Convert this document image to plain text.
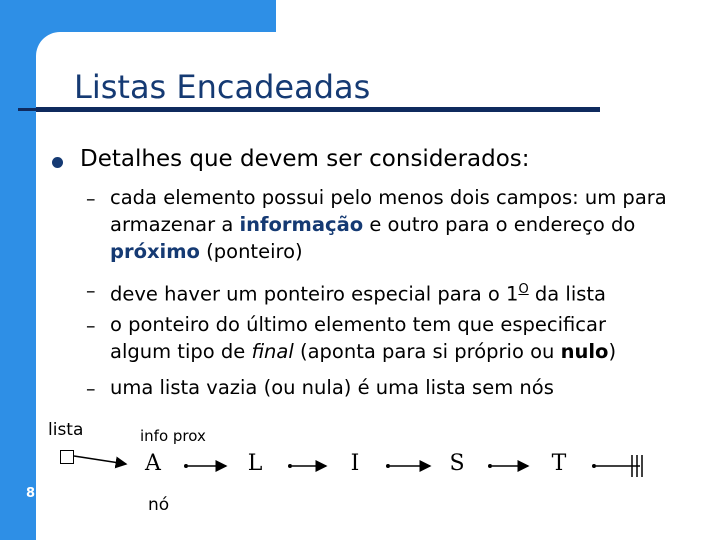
Listas Encadeadas
Detalhes que devem ser considerados:
– cada elemento possui pelo menos dois campos: um para
armazenar a informação e outro para o endereço do
próximo (ponteiro)
– deve haver um ponteiro especial para o $1^O$ da lista
– o ponteiro do último elemento tem que especificar
algum tipo de final (aponta para si próprio ou nulo)
– uma lista vazia (ou nula) é uma lista sem nós
lista	info prox
A	L	I	S	T
nó
8
